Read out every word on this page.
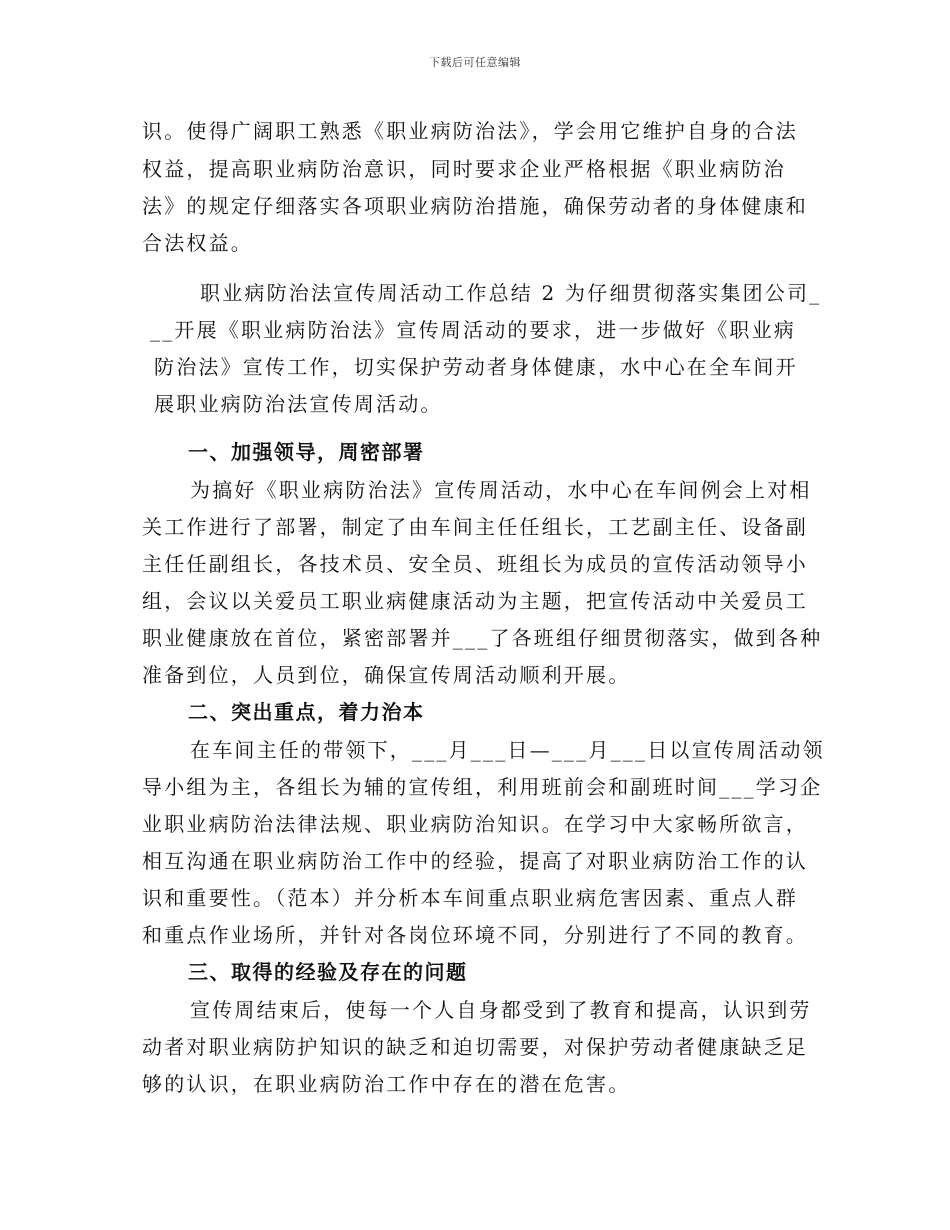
下载后可任意编辑
识。使得广阔职工熟悉《职业病防治法》，学会用它维护自身的合法
权益，提高职业病防治意识，同时要求企业严格根据《职业病防治
法》的规定仔细落实各项职业病防治措施，确保劳动者的身体健康和
合法权益。
职业病防治法宣传周活动工作总结 2 为仔细贯彻落实集团公司_
__开展《职业病防治法》宣传周活动的要求，进一步做好《职业病
防治法》宣传工作，切实保护劳动者身体健康，水中心在全车间开
展职业病防治法宣传周活动。
一、加强领导，周密部署
为搞好《职业病防治法》宣传周活动，水中心在车间例会上对相
关工作进行了部署，制定了由车间主任任组长，工艺副主任、设备副
主任任副组长，各技术员、安全员、班组长为成员的宣传活动领导小
组，会议以关爱员工职业病健康活动为主题，把宣传活动中关爱员工
职业健康放在首位，紧密部署并___了各班组仔细贯彻落实，做到各种
准备到位，人员到位，确保宣传周活动顺利开展。
二、突出重点，着力治本
在车间主任的带领下，___月___日—___月___日以宣传周活动领
导小组为主，各组长为辅的宣传组，利用班前会和副班时间___学习企
业职业病防治法律法规、职业病防治知识。在学习中大家畅所欲言，
相互沟通在职业病防治工作中的经验，提高了对职业病防治工作的认
识和重要性。（范本）并分析本车间重点职业病危害因素、重点人群
和重点作业场所，并针对各岗位环境不同，分别进行了不同的教育。
三、取得的经验及存在的问题
宣传周结束后，使每一个人自身都受到了教育和提高，认识到劳
动者对职业病防护知识的缺乏和迫切需要，对保护劳动者健康缺乏足
够的认识，在职业病防治工作中存在的潜在危害。
